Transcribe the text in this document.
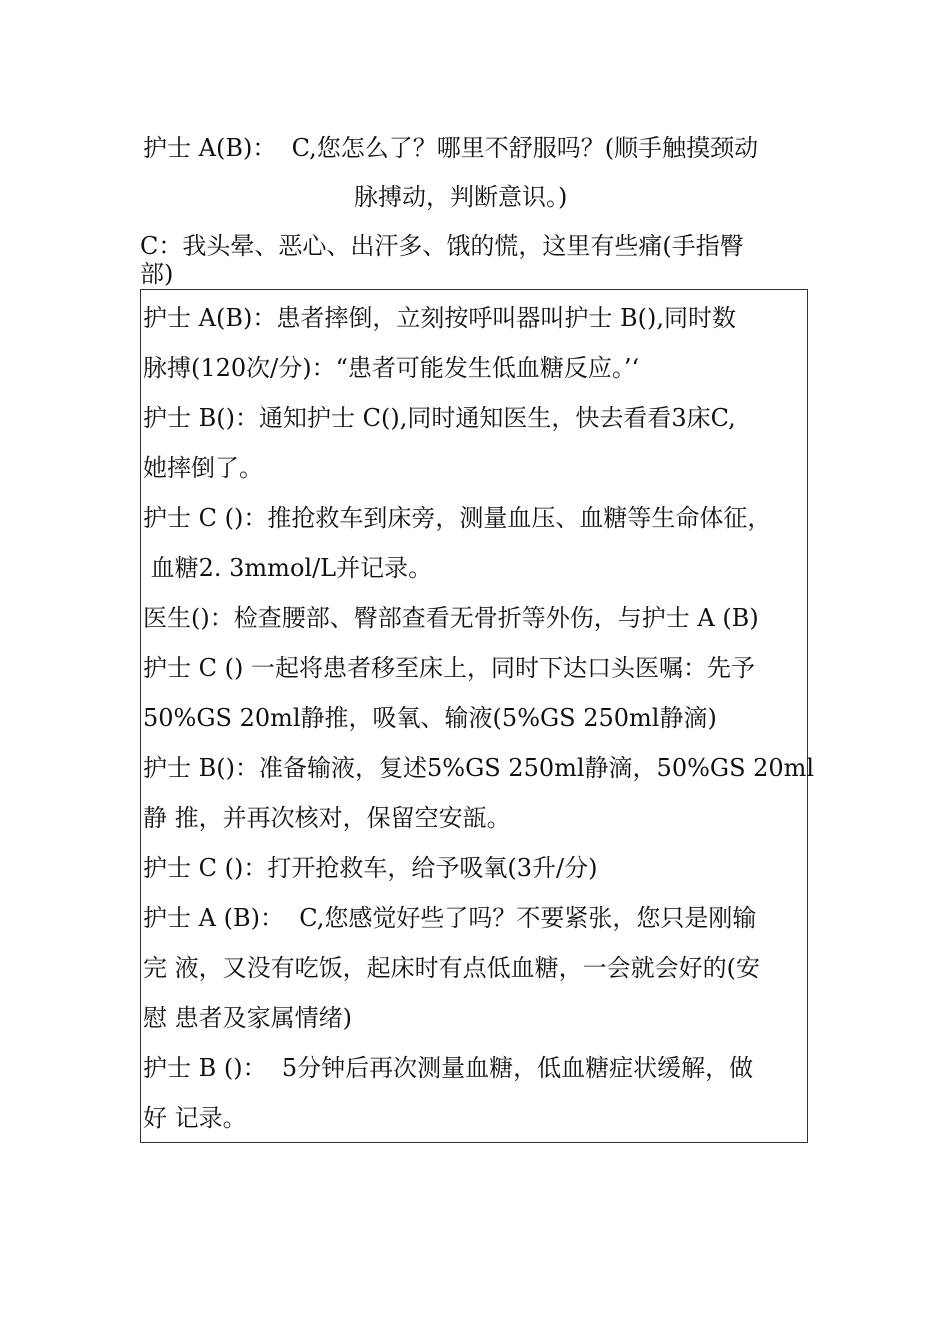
护士 A(B)：  C,您怎么了？哪里不舒服吗？(顺手触摸颈动
脉搏动，判断意识。)
C：我头晕、恶心、出汗多、饿的慌，这里有些痛(手指臀
部)
护士 A(B)：患者摔倒，立刻按呼叫器叫护士 B(),同时数
脉搏(120次/分)：“患者可能发生低血糖反应。’‘
护士 B()：通知护士 C(),同时通知医生，快去看看3床C,
她摔倒了。
护士 C ()：推抢救车到床旁，测量血压、血糖等生命体征，
血糖2. 3mmol/L并记录。
医生()：检查腰部、臀部查看无骨折等外伤，与护士 A (B)
护士 C () 一起将患者移至床上，同时下达口头医嘱：先予
50%GS 20ml静推，吸氧、输液(5%GS 250ml静滴)
护士 B()：准备输液，复述5%GS 250ml静滴，50%GS 20ml
静 推，并再次核对，保留空安瓿。
护士 C ()：打开抢救车，给予吸氧(3升/分)
护士 A (B)：  C,您感觉好些了吗？不要紧张，您只是刚输
完 液，又没有吃饭，起床时有点低血糖，一会就会好的(安
慰 患者及家属情绪)
护士 B ()：  5分钟后再次测量血糖，低血糖症状缓解，做
好 记录。
